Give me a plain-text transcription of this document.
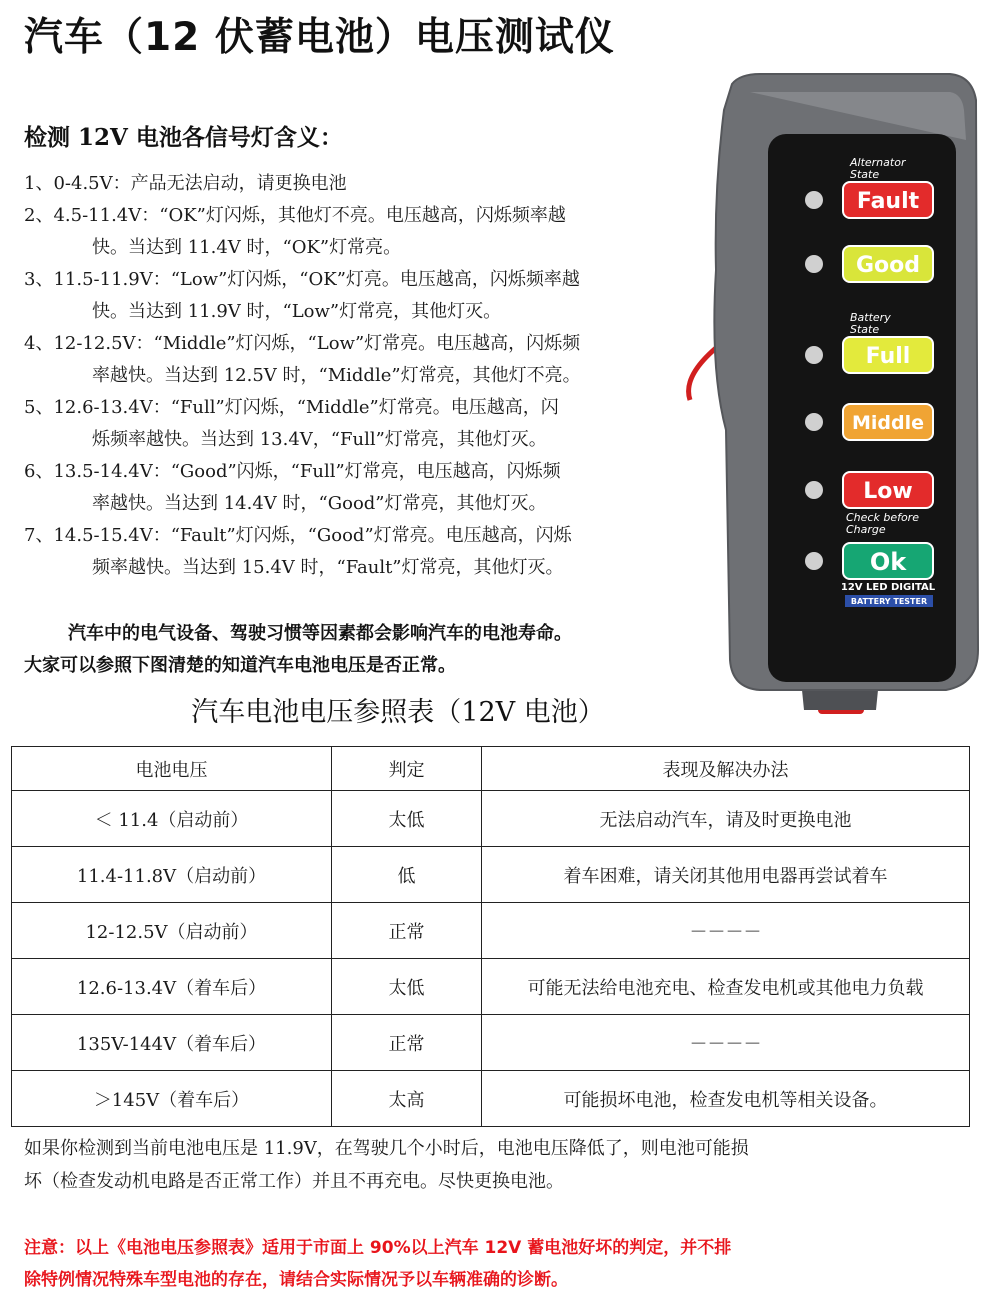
汽车（12 伏蓄电池）电压测试仪
检测 12V 电池各信号灯含义：
1、0-4.5V：产品无法启动，请更换电池
2、4.5-11.4V：“OK”灯闪烁，其他灯不亮。电压越高，闪烁频率越
快。当达到 11.4V 时，“OK”灯常亮。
3、11.5-11.9V：“Low”灯闪烁，“OK”灯亮。电压越高，闪烁频率越
快。当达到 11.9V 时，“Low”灯常亮，其他灯灭。
4、12-12.5V：“Middle”灯闪烁，“Low”灯常亮。电压越高，闪烁频
率越快。当达到 12.5V 时，“Middle”灯常亮，其他灯不亮。
5、12.6-13.4V：“Full”灯闪烁，“Middle”灯常亮。电压越高，闪
烁频率越快。当达到 13.4V，“Full”灯常亮，其他灯灭。
6、13.5-14.4V：“Good”闪烁，“Full”灯常亮，电压越高，闪烁频
率越快。当达到 14.4V 时，“Good”灯常亮，其他灯灭。
7、14.5-15.4V：“Fault”灯闪烁，“Good”灯常亮。电压越高，闪烁
频率越快。当达到 15.4V 时，“Fault”灯常亮，其他灯灭。
汽车中的电气设备、驾驶习惯等因素都会影响汽车的电池寿命。
大家可以参照下图清楚的知道汽车电池电压是否正常。
汽车电池电压参照表（12V 电池）
电池电压	判定	表现及解决办法
＜ 11.4（启动前）	太低	无法启动汽车，请及时更换电池
11.4-11.8V（启动前）	低	着车困难，请关闭其他用电器再尝试着车
12-12.5V（启动前）	正常	－－－－
12.6-13.4V（着车后）	太低	可能无法给电池充电、检查发电机或其他电力负载
135V-144V（着车后）	正常	－－－－
＞145V（着车后）	太高	可能损坏电池，检查发电机等相关设备。
如果你检测到当前电池电压是 11.9V，在驾驶几个小时后，电池电压降低了，则电池可能损
坏（检查发动机电路是否正常工作）并且不再充电。尽快更换电池。
注意：以上《电池电压参照表》适用于市面上 90%以上汽车 12V 蓄电池好坏的判定，并不排
除特例情况特殊车型电池的存在，请结合实际情况予以车辆准确的诊断。
Alternator
State
Battery
State
Check before
Charge
Fault
Good
Full
Middle
Low
Ok
12V LED DIGITAL
BATTERY TESTER
